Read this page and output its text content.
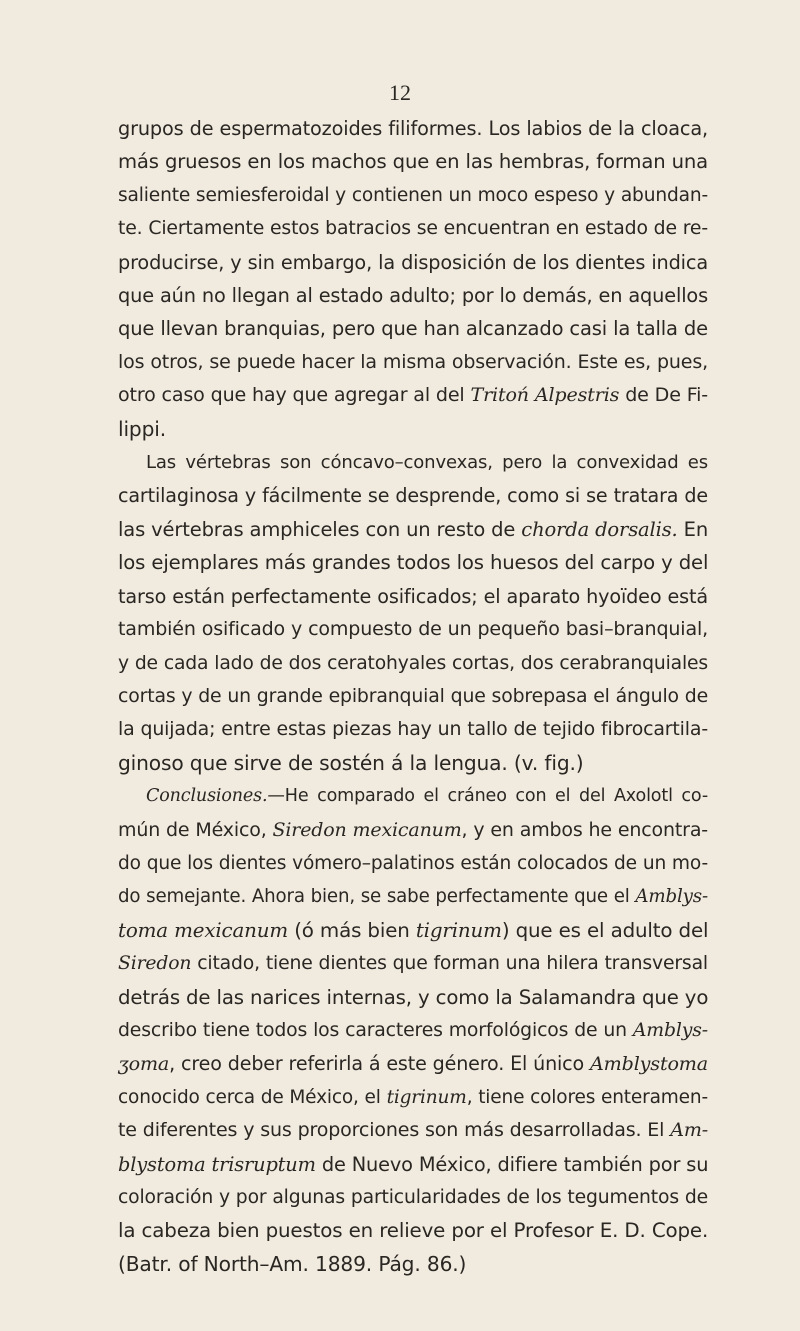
12
grupos de espermatozoides filiformes. Los labios de la cloaca,
más gruesos en los machos que en las hembras, forman una
saliente semiesferoidal y contienen un moco espeso y abundan-
te. Ciertamente estos batracios se encuentran en estado de re-
producirse, y sin embargo, la disposición de los dientes indica
que aún no llegan al estado adulto; por lo demás, en aquellos
que llevan branquias, pero que han alcanzado casi la talla de
los otros, se puede hacer la misma observación. Este es, pues,
otro caso que hay que agregar al del Tritoń Alpestris de De Fi-
lippi.
Las vértebras son cóncavo–convexas, pero la convexidad es
cartilaginosa y fácilmente se desprende, como si se tratara de
las vértebras amphiceles con un resto de chorda dorsalis. En
los ejemplares más grandes todos los huesos del carpo y del
tarso están perfectamente osificados; el aparato hyoïdeo está
también osificado y compuesto de un pequeño basi–branquial,
y de cada lado de dos ceratohyales cortas, dos cerabranquiales
cortas y de un grande epibranquial que sobrepasa el ángulo de
la quijada; entre estas piezas hay un tallo de tejido fibrocartila-
ginoso que sirve de sostén á la lengua. (v. fig.)
Conclusiones.—He comparado el cráneo con el del Axolotl co-
mún de México, Siredon mexicanum, y en ambos he encontra-
do que los dientes vómero–palatinos están colocados de un mo-
do semejante. Ahora bien, se sabe perfectamente que el Amblys-
toma mexicanum (ó más bien tigrinum) que es el adulto del
Siredon citado, tiene dientes que forman una hilera transversal
detrás de las narices internas, y como la Salamandra que yo
describo tiene todos los caracteres morfológicos de un Amblys-
ʒoma, creo deber referirla á este género. El único Amblystoma
conocido cerca de México, el tigrinum, tiene colores enteramen-
te diferentes y sus proporciones son más desarrolladas. El Am-
blystoma trisruptum de Nuevo México, difiere también por su
coloración y por algunas particularidades de los tegumentos de
la cabeza bien puestos en relieve por el Profesor E. D. Cope.
(Batr. of North–Am. 1889. Pág. 86.)
